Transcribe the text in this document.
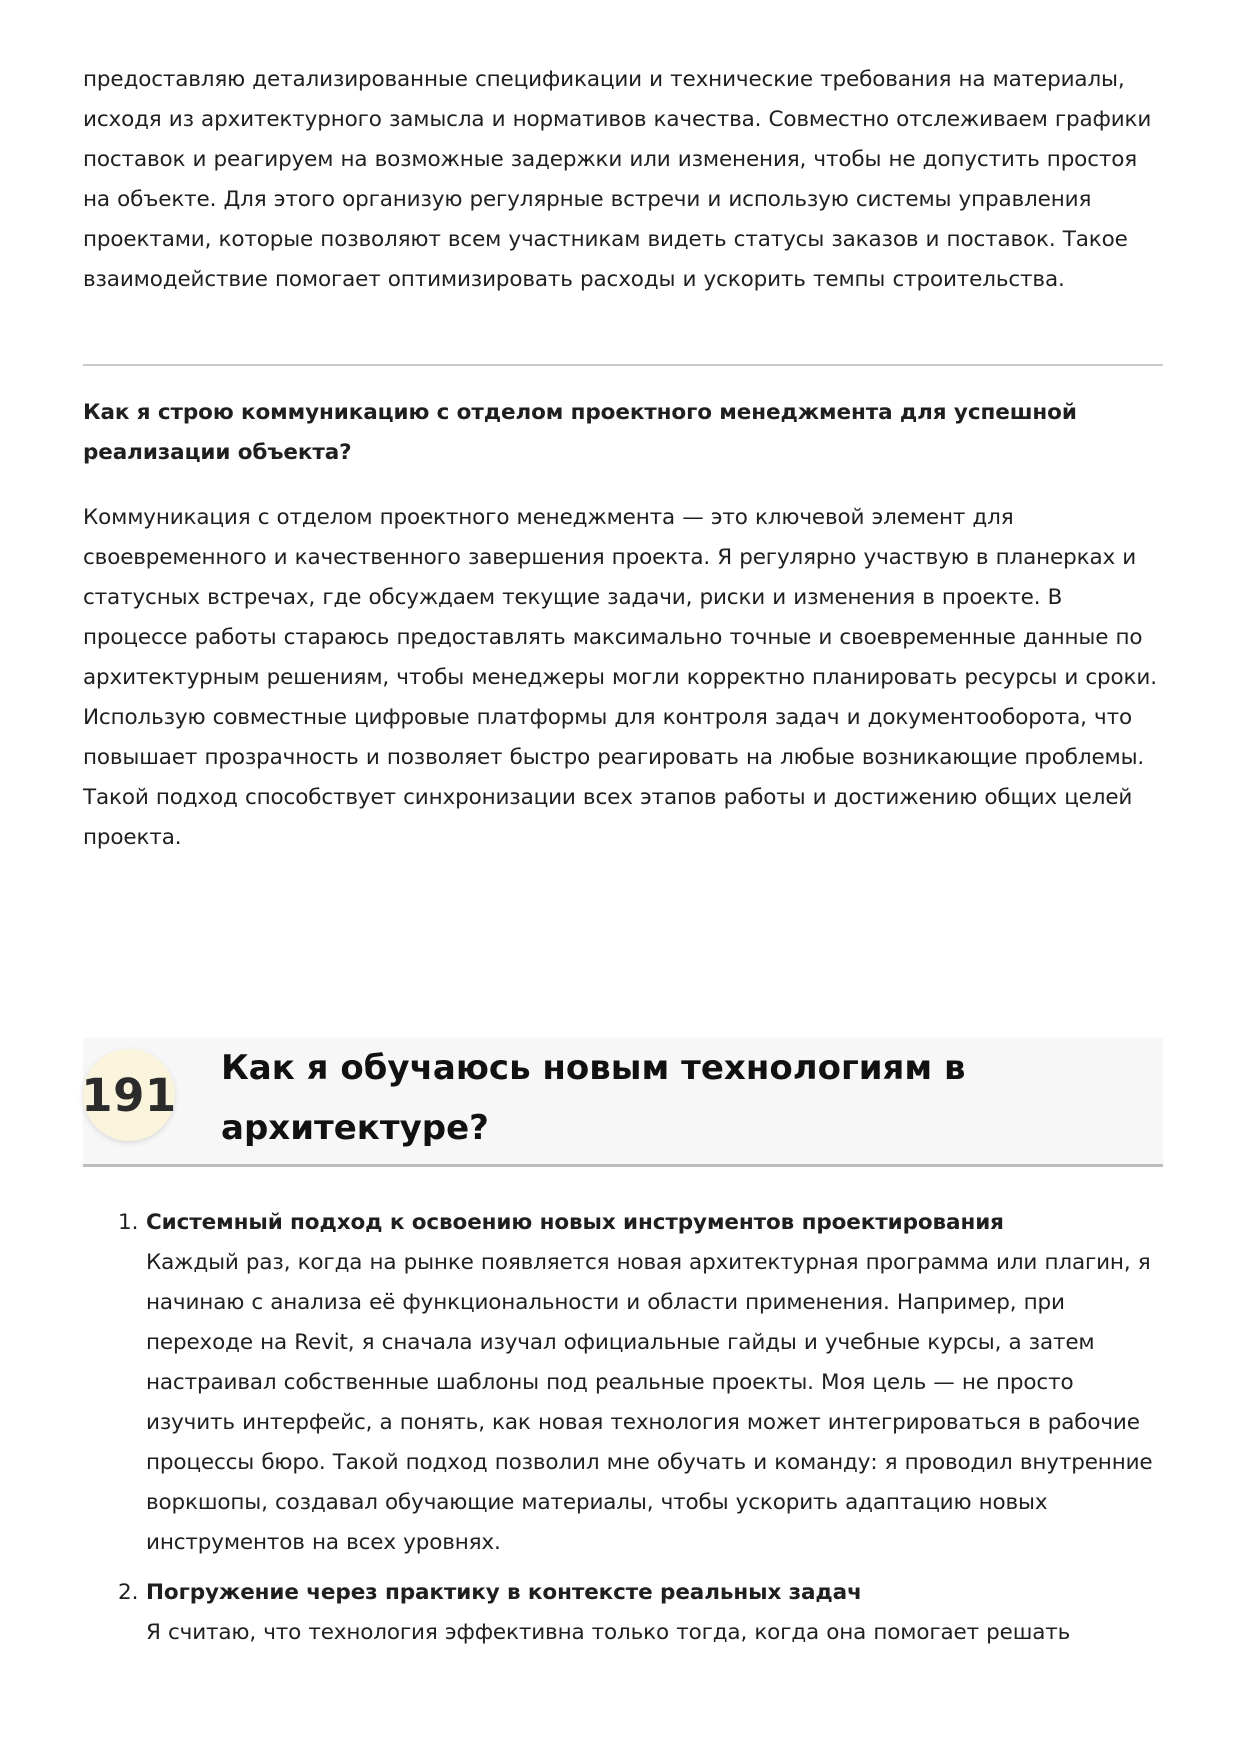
предоставляю детализированные спецификации и технические требования на материалы, исходя из архитектурного замысла и нормативов качества. Совместно отслеживаем графики поставок и реагируем на возможные задержки или изменения, чтобы не допустить простоя на объекте. Для этого организую регулярные встречи и использую системы управления проектами, которые позволяют всем участникам видеть статусы заказов и поставок. Такое взаимодействие помогает оптимизировать расходы и ускорить темпы строительства.

Как я строю коммуникацию с отделом проектного менеджмента для успешной реализации объекта?

Коммуникация с отделом проектного менеджмента — это ключевой элемент для своевременного и качественного завершения проекта. Я регулярно участвую в планерках и статусных встречах, где обсуждаем текущие задачи, риски и изменения в проекте. В процессе работы стараюсь предоставлять максимально точные и своевременные данные по архитектурным решениям, чтобы менеджеры могли корректно планировать ресурсы и сроки. Использую совместные цифровые платформы для контроля задач и документооборота, что повышает прозрачность и позволяет быстро реагировать на любые возникающие проблемы. Такой подход способствует синхронизации всех этапов работы и достижению общих целей проекта.

191
Как я обучаюсь новым технологиям в архитектуре?
1. Системный подход к освоению новых инструментов проектирования

Каждый раз, когда на рынке появляется новая архитектурная программа или плагин, я начинаю с анализа её функциональности и области применения. Например, при переходе на Revit, я сначала изучал официальные гайды и учебные курсы, а затем настраивал собственные шаблоны под реальные проекты. Моя цель — не просто изучить интерфейс, а понять, как новая технология может интегрироваться в рабочие процессы бюро. Такой подход позволил мне обучать и команду: я проводил внутренние воркшопы, создавал обучающие материалы, чтобы ускорить адаптацию новых инструментов на всех уровнях.

2. Погружение через практику в контексте реальных задач

Я считаю, что технология эффективна только тогда, когда она помогает решать
